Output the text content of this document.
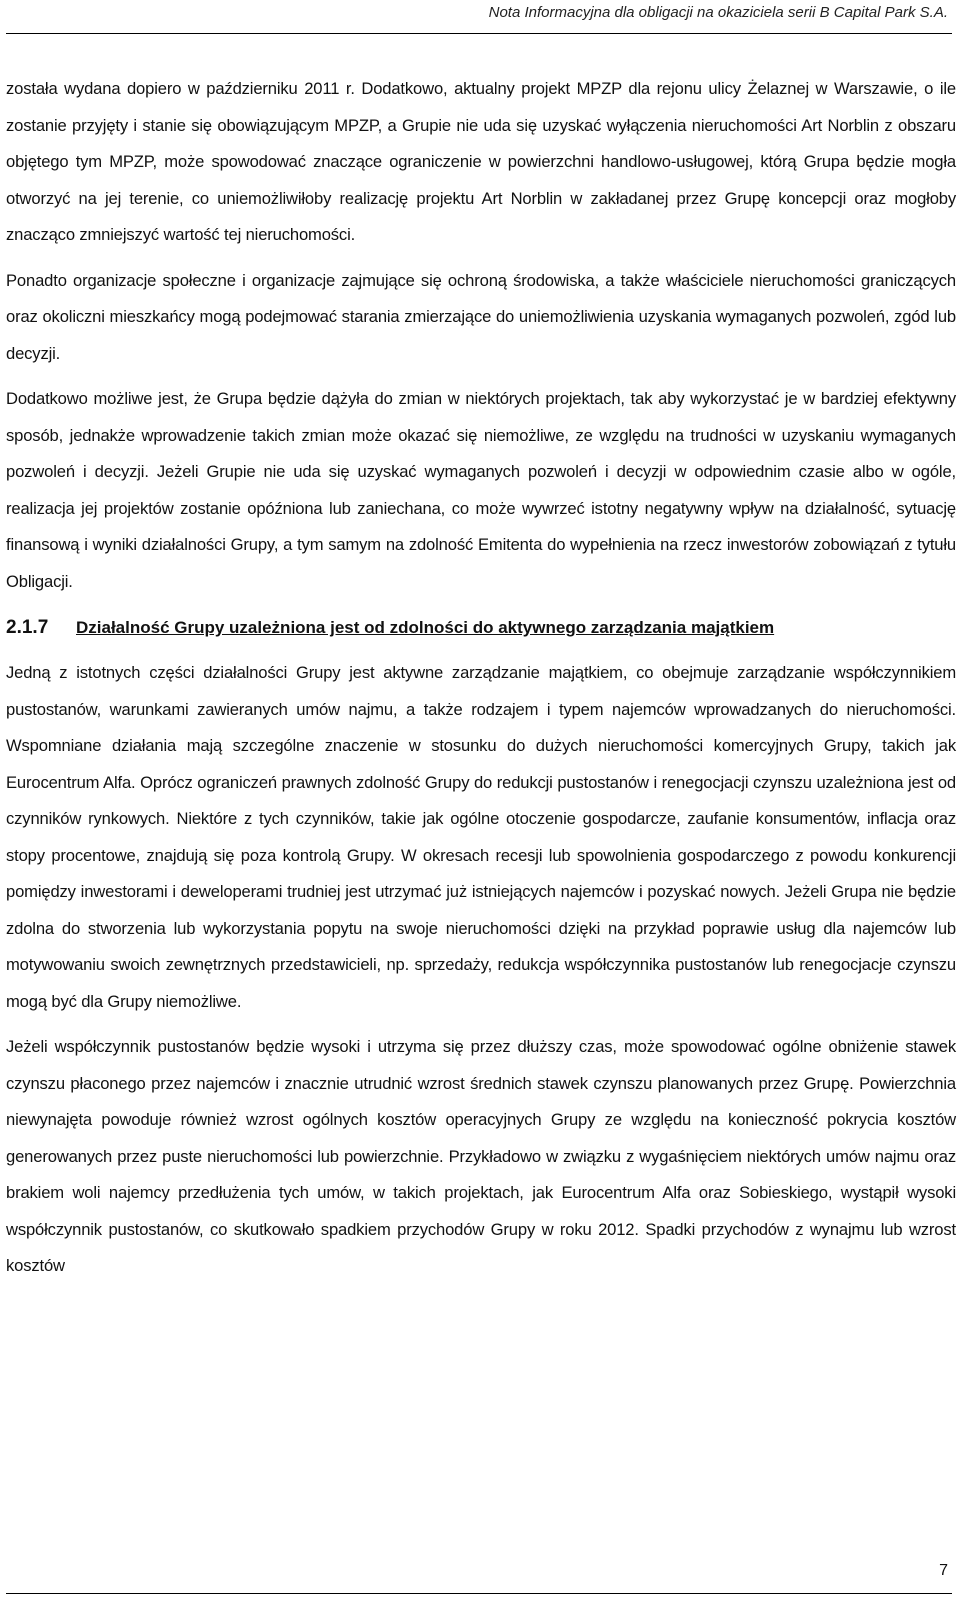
Nota Informacyjna dla obligacji na okaziciela serii B Capital Park S.A.

została wydana dopiero w październiku 2011 r. Dodatkowo, aktualny projekt MPZP dla rejonu ulicy Żelaznej w Warszawie, o ile zostanie przyjęty i stanie się obowiązującym MPZP, a Grupie nie uda się uzyskać wyłączenia nieruchomości Art Norblin z obszaru objętego tym MPZP, może spowodować znaczące ograniczenie w powierzchni handlowo-usługowej, którą Grupa będzie mogła otworzyć na jej terenie, co uniemożliwiłoby realizację projektu Art Norblin w zakładanej przez Grupę koncepcji oraz mogłoby znacząco zmniejszyć wartość tej nieruchomości.

Ponadto organizacje społeczne i organizacje zajmujące się ochroną środowiska, a także właściciele nieruchomości graniczących oraz okoliczni mieszkańcy mogą podejmować starania zmierzające do uniemożliwienia uzyskania wymaganych pozwoleń, zgód lub decyzji.

Dodatkowo możliwe jest, że Grupa będzie dążyła do zmian w niektórych projektach, tak aby wykorzystać je w bardziej efektywny sposób, jednakże wprowadzenie takich zmian może okazać się niemożliwe, ze względu na trudności w uzyskaniu wymaganych pozwoleń i decyzji. Jeżeli Grupie nie uda się uzyskać wymaganych pozwoleń i decyzji w odpowiednim czasie albo w ogóle, realizacja jej projektów zostanie opóźniona lub zaniechana, co może wywrzeć istotny negatywny wpływ na działalność, sytuację finansową i wyniki działalności Grupy, a tym samym na zdolność Emitenta do wypełnienia na rzecz inwestorów zobowiązań z tytułu Obligacji.

2.1.7 Działalność Grupy uzależniona jest od zdolności do aktywnego zarządzania majątkiem

Jedną z istotnych części działalności Grupy jest aktywne zarządzanie majątkiem, co obejmuje zarządzanie współczynnikiem pustostanów, warunkami zawieranych umów najmu, a także rodzajem i typem najemców wprowadzanych do nieruchomości. Wspomniane działania mają szczególne znaczenie w stosunku do dużych nieruchomości komercyjnych Grupy, takich jak Eurocentrum Alfa. Oprócz ograniczeń prawnych zdolność Grupy do redukcji pustostanów i renegocjacji czynszu uzależniona jest od czynników rynkowych. Niektóre z tych czynników, takie jak ogólne otoczenie gospodarcze, zaufanie konsumentów, inflacja oraz stopy procentowe, znajdują się poza kontrolą Grupy. W okresach recesji lub spowolnienia gospodarczego z powodu konkurencji pomiędzy inwestorami i deweloperami trudniej jest utrzymać już istniejących najemców i pozyskać nowych. Jeżeli Grupa nie będzie zdolna do stworzenia lub wykorzystania popytu na swoje nieruchomości dzięki na przykład poprawie usług dla najemców lub motywowaniu swoich zewnętrznych przedstawicieli, np. sprzedaży, redukcja współczynnika pustostanów lub renegocjacje czynszu mogą być dla Grupy niemożliwe.

Jeżeli współczynnik pustostanów będzie wysoki i utrzyma się przez dłuższy czas, może spowodować ogólne obniżenie stawek czynszu płaconego przez najemców i znacznie utrudnić wzrost średnich stawek czynszu planowanych przez Grupę. Powierzchnia niewynajęta powoduje również wzrost ogólnych kosztów operacyjnych Grupy ze względu na konieczność pokrycia kosztów generowanych przez puste nieruchomości lub powierzchnie. Przykładowo w związku z wygaśnięciem niektórych umów najmu oraz brakiem woli najemcy przedłużenia tych umów, w takich projektach, jak Eurocentrum Alfa oraz Sobieskiego, wystąpił wysoki współczynnik pustostanów, co skutkowało spadkiem przychodów Grupy w roku 2012. Spadki przychodów z wynajmu lub wzrost kosztów

7
